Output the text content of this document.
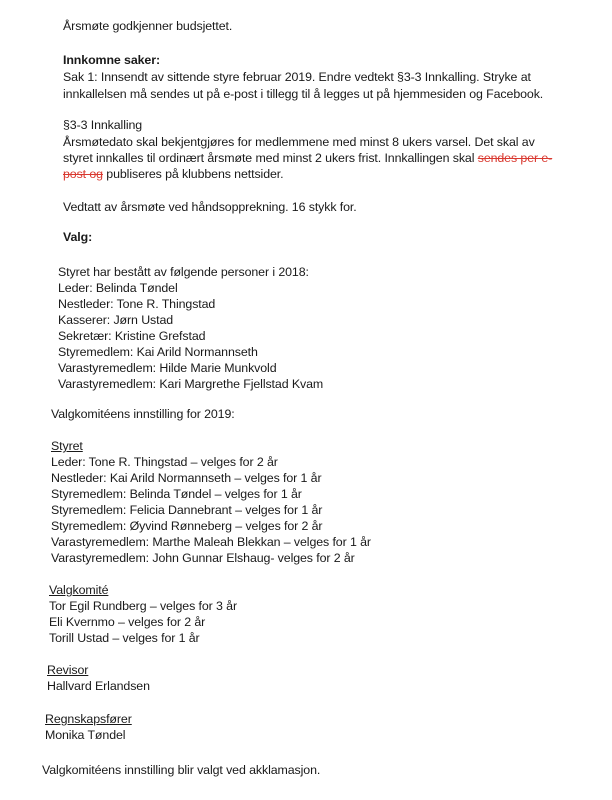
Årsmøte godkjenner budsjettet.
Innkomne saker:
Sak 1: Innsendt av sittende styre februar 2019. Endre vedtekt §3-3 Innkalling. Stryke at
innkallelsen må sendes ut på e-post i tillegg til å legges ut på hjemmesiden og Facebook.
§3-3 Innkalling
Årsmøtedato skal bekjentgjøres for medlemmene med minst 8 ukers varsel. Det skal av
styret innkalles til ordinært årsmøte med minst 2 ukers frist. Innkallingen skal sendes per e-
post og publiseres på klubbens nettsider.
Vedtatt av årsmøte ved håndsopprekning. 16 stykk for.
Valg:
Styret har bestått av følgende personer i 2018:
Leder: Belinda Tøndel
Nestleder: Tone R. Thingstad
Kasserer: Jørn Ustad
Sekretær: Kristine Grefstad
Styremedlem: Kai Arild Normannseth
Varastyremedlem: Hilde Marie Munkvold
Varastyremedlem: Kari Margrethe Fjellstad Kvam
Valgkomitéens innstilling for 2019:
Styret
Leder: Tone R. Thingstad – velges for 2 år
Nestleder: Kai Arild Normannseth – velges for 1 år
Styremedlem: Belinda Tøndel – velges for 1 år
Styremedlem: Felicia Dannebrant – velges for 1 år
Styremedlem: Øyvind Rønneberg – velges for 2 år
Varastyremedlem: Marthe Maleah Blekkan – velges for 1 år
Varastyremedlem: John Gunnar Elshaug- velges for 2 år
Valgkomité
Tor Egil Rundberg – velges for 3 år
Eli Kvernmo – velges for 2 år
Torill Ustad – velges for 1 år
Revisor
Hallvard Erlandsen
Regnskapsfører
Monika Tøndel
Valgkomitéens innstilling blir valgt ved akklamasjon.
